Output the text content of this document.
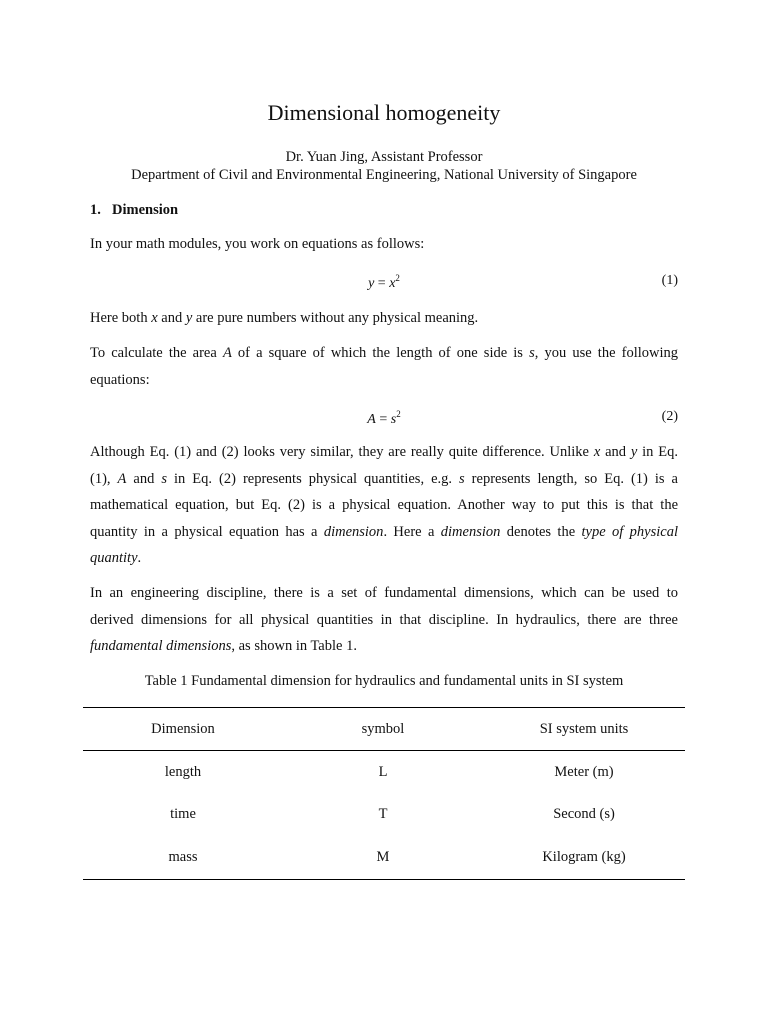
Dimensional homogeneity
Dr. Yuan Jing, Assistant Professor
Department of Civil and Environmental Engineering, National University of Singapore
1. Dimension
In your math modules, you work on equations as follows:
$y = x^2$	(1)
Here both x and y are pure numbers without any physical meaning.
To calculate the area A of a square of which the length of one side is s, you use the following
equations:
$A = s^2$	(2)
Although Eq. (1) and (2) looks very similar, they are really quite difference. Unlike x and y in Eq.
(1), A and s in Eq. (2) represents physical quantities, e.g. s represents length, so Eq. (1) is a
mathematical equation, but Eq. (2) is a physical equation. Another way to put this is that the
quantity in a physical equation has a dimension. Here a dimension denotes the type of physical
quantity.
In an engineering discipline, there is a set of fundamental dimensions, which can be used to
derived dimensions for all physical quantities in that discipline. In hydraulics, there are three
fundamental dimensions, as shown in Table 1.
Table 1 Fundamental dimension for hydraulics and fundamental units in SI system
Dimension	symbol	SI system units
length	L	Meter (m)
time	T	Second (s)
mass	M	Kilogram (kg)
